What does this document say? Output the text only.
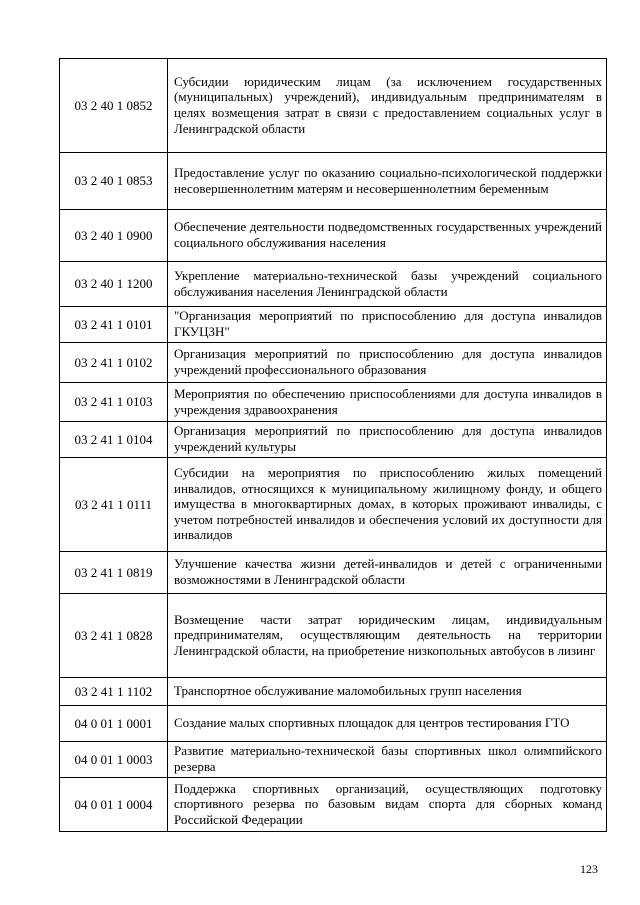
03 2 40 1 0852	Субсидии юридическим лицам (за исключением государственных (муниципальных) учреждений), индивидуальным предпринимателям в целях возмещения затрат в связи с предоставлением социальных услуг в Ленинградской области
03 2 40 1 0853	Предоставление услуг по оказанию социально-психологической поддержки несовершеннолетним матерям и несовершеннолетним беременным
03 2 40 1 0900	Обеспечение деятельности подведомственных государственных учреждений социального обслуживания населения
03 2 40 1 1200	Укрепление материально-технической базы учреждений социального обслуживания населения Ленинградской области
03 2 41 1 0101	"Организация мероприятий по приспособлению для доступа инвалидов ГКУЦЗН"
03 2 41 1 0102	Организация мероприятий по приспособлению для доступа инвалидов учреждений профессионального образования
03 2 41 1 0103	Мероприятия по обеспечению приспособлениями для доступа инвалидов в учреждения здравоохранения
03 2 41 1 0104	Организация мероприятий по приспособлению для доступа инвалидов учреждений культуры
03 2 41 1 0111	Субсидии на мероприятия по приспособлению жилых помещений инвалидов, относящихся к муниципальному жилищному фонду, и общего имущества в многоквартирных домах, в которых проживают инвалиды, с учетом потребностей инвалидов и обеспечения условий их доступности для инвалидов
03 2 41 1 0819	Улучшение качества жизни детей-инвалидов и детей с ограниченными возможностями в Ленинградской области
03 2 41 1 0828	Возмещение части затрат юридическим лицам, индивидуальным предпринимателям, осуществляющим деятельность на территории Ленинградской области, на приобретение низкопольных автобусов в лизинг
03 2 41 1 1102	Транспортное обслуживание маломобильных групп населения
04 0 01 1 0001	Создание малых спортивных площадок для центров тестирования ГТО
04 0 01 1 0003	Развитие материально-технической базы спортивных школ олимпийского резерва
04 0 01 1 0004	Поддержка спортивных организаций, осуществляющих подготовку спортивного резерва по базовым видам спорта для сборных команд Российской Федерации
123
